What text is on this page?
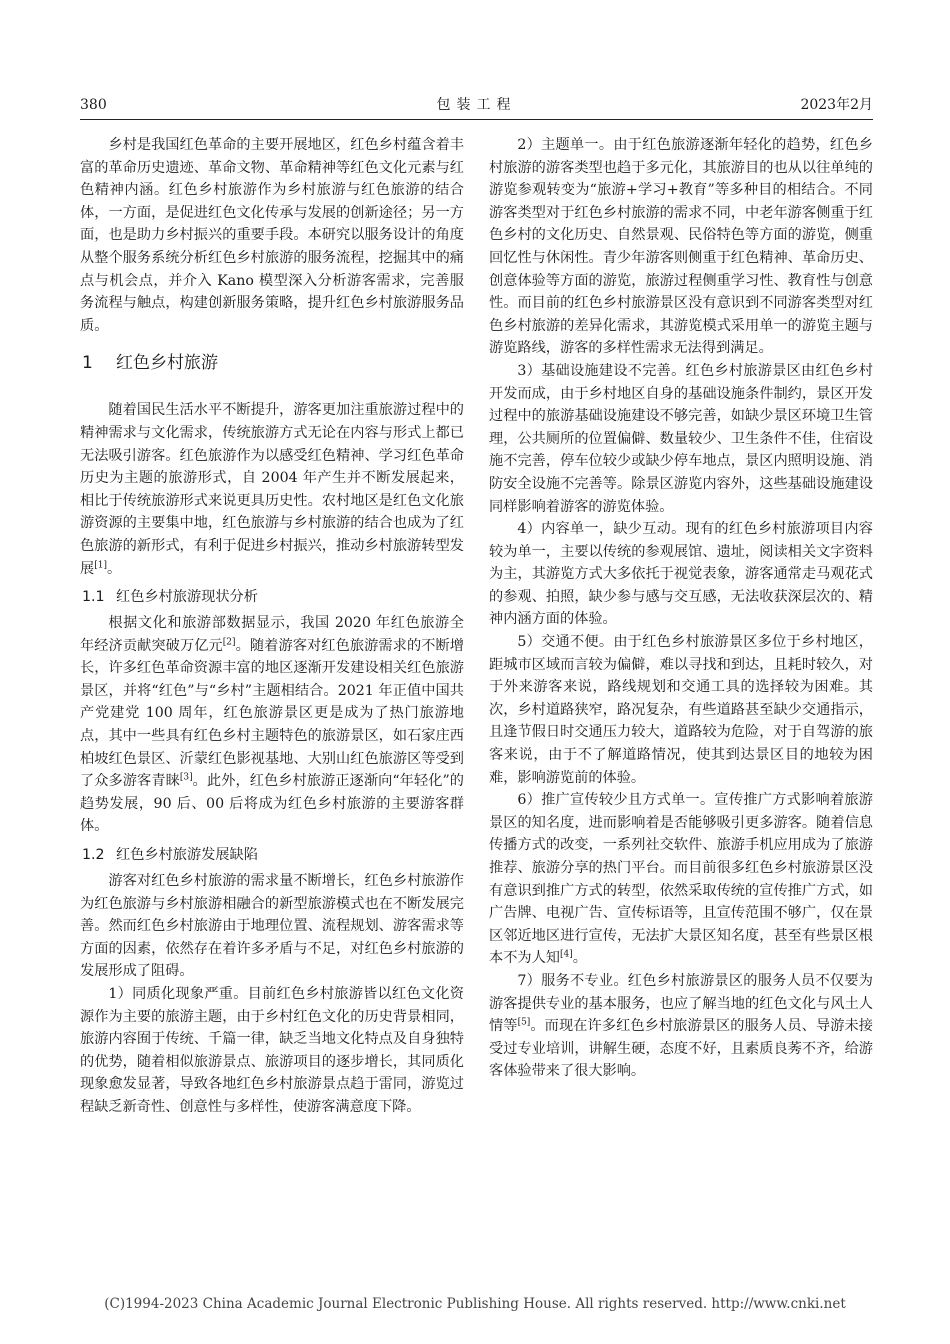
380	包装工程	2023年2月

乡村是我国红色革命的主要开展地区，红色乡村蕴含着丰富的革命历史遗迹、革命文物、革命精神等红色文化元素与红色精神内涵。红色乡村旅游作为乡村旅游与红色旅游的结合体，一方面，是促进红色文化传承与发展的创新途径；另一方面，也是助力乡村振兴的重要手段。本研究以服务设计的角度从整个服务系统分析红色乡村旅游的服务流程，挖掘其中的痛点与机会点，并介入 Kano 模型深入分析游客需求，完善服务流程与触点，构建创新服务策略，提升红色乡村旅游服务品质。

1 红色乡村旅游

随着国民生活水平不断提升，游客更加注重旅游过程中的精神需求与文化需求，传统旅游方式无论在内容与形式上都已无法吸引游客。红色旅游作为以感受红色精神、学习红色革命历史为主题的旅游形式，自 2004 年产生并不断发展起来，相比于传统旅游形式来说更具历史性。农村地区是红色文化旅游资源的主要集中地，红色旅游与乡村旅游的结合也成为了红色旅游的新形式，有利于促进乡村振兴，推动乡村旅游转型发展[1]。

1.1 红色乡村旅游现状分析

根据文化和旅游部数据显示，我国 2020 年红色旅游全年经济贡献突破万亿元[2]。随着游客对红色旅游需求的不断增长，许多红色革命资源丰富的地区逐渐开发建设相关红色旅游景区，并将“红色”与“乡村”主题相结合。2021 年正值中国共产党建党 100 周年，红色旅游景区更是成为了热门旅游地点，其中一些具有红色乡村主题特色的旅游景区，如石家庄西柏坡红色景区、沂蒙红色影视基地、大别山红色旅游区等受到了众多游客青睐[3]。此外，红色乡村旅游正逐渐向“年轻化”的趋势发展，90 后、00 后将成为红色乡村旅游的主要游客群体。

1.2 红色乡村旅游发展缺陷

游客对红色乡村旅游的需求量不断增长，红色乡村旅游作为红色旅游与乡村旅游相融合的新型旅游模式也在不断发展完善。然而红色乡村旅游由于地理位置、流程规划、游客需求等方面的因素，依然存在着许多矛盾与不足，对红色乡村旅游的发展形成了阻碍。

1）同质化现象严重。目前红色乡村旅游皆以红色文化资源作为主要的旅游主题，由于乡村红色文化的历史背景相同，旅游内容囿于传统、千篇一律，缺乏当地文化特点及自身独特的优势，随着相似旅游景点、旅游项目的逐步增长，其同质化现象愈发显著，导致各地红色乡村旅游景点趋于雷同，游览过程缺乏新奇性、创意性与多样性，使游客满意度下降。

2）主题单一。由于红色旅游逐渐年轻化的趋势，红色乡村旅游的游客类型也趋于多元化，其旅游目的也从以往单纯的游览参观转变为“旅游+学习+教育”等多种目的相结合。不同游客类型对于红色乡村旅游的需求不同，中老年游客侧重于红色乡村的文化历史、自然景观、民俗特色等方面的游览，侧重回忆性与休闲性。青少年游客则侧重于红色精神、革命历史、创意体验等方面的游览，旅游过程侧重学习性、教育性与创意性。而目前的红色乡村旅游景区没有意识到不同游客类型对红色乡村旅游的差异化需求，其游览模式采用单一的游览主题与游览路线，游客的多样性需求无法得到满足。

3）基础设施建设不完善。红色乡村旅游景区由红色乡村开发而成，由于乡村地区自身的基础设施条件制约，景区开发过程中的旅游基础设施建设不够完善，如缺少景区环境卫生管理，公共厕所的位置偏僻、数量较少、卫生条件不佳，住宿设施不完善，停车位较少或缺少停车地点，景区内照明设施、消防安全设施不完善等。除景区游览内容外，这些基础设施建设同样影响着游客的游览体验。

4）内容单一，缺少互动。现有的红色乡村旅游项目内容较为单一，主要以传统的参观展馆、遗址，阅读相关文字资料为主，其游览方式大多依托于视觉表象，游客通常走马观花式的参观、拍照，缺少参与感与交互感，无法收获深层次的、精神内涵方面的体验。

5）交通不便。由于红色乡村旅游景区多位于乡村地区，距城市区域而言较为偏僻，难以寻找和到达，且耗时较久，对于外来游客来说，路线规划和交通工具的选择较为困难。其次，乡村道路狭窄，路况复杂，有些道路甚至缺少交通指示，且逢节假日时交通压力较大，道路较为危险，对于自驾游的旅客来说，由于不了解道路情况，使其到达景区目的地较为困难，影响游览前的体验。

6）推广宣传较少且方式单一。宣传推广方式影响着旅游景区的知名度，进而影响着是否能够吸引更多游客。随着信息传播方式的改变，一系列社交软件、旅游手机应用成为了旅游推荐、旅游分享的热门平台。而目前很多红色乡村旅游景区没有意识到推广方式的转型，依然采取传统的宣传推广方式，如广告牌、电视广告、宣传标语等，且宣传范围不够广，仅在景区邻近地区进行宣传，无法扩大景区知名度，甚至有些景区根本不为人知[4]。

7）服务不专业。红色乡村旅游景区的服务人员不仅要为游客提供专业的基本服务，也应了解当地的红色文化与风土人情等[5]。而现在许多红色乡村旅游景区的服务人员、导游未接受过专业培训，讲解生硬，态度不好，且素质良莠不齐，给游客体验带来了很大影响。

(C)1994-2023 China Academic Journal Electronic Publishing House. All rights reserved. http://www.cnki.net
